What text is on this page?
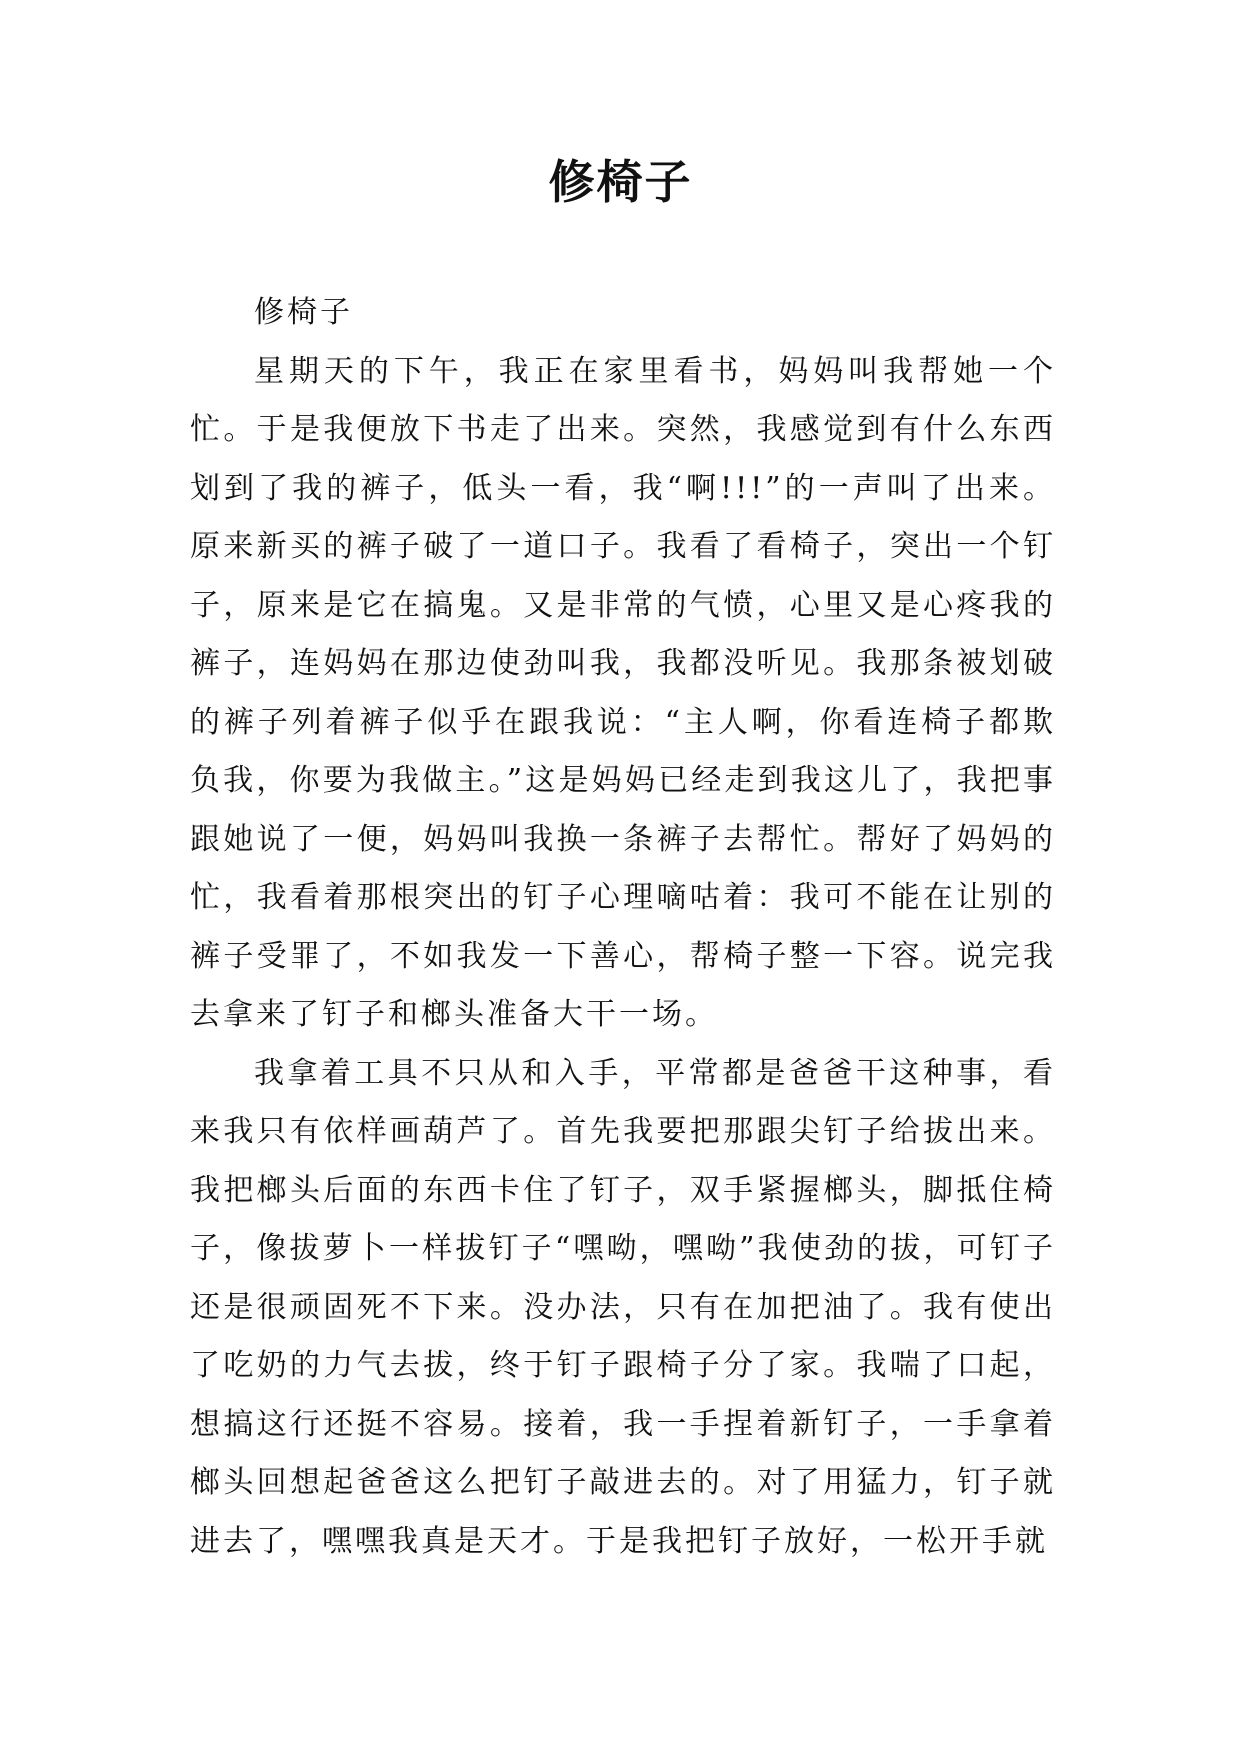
修椅子

修椅子

星期天的下午，我正在家里看书，妈妈叫我帮她一个忙。于是我便放下书走了出来。突然，我感觉到有什么东西划到了我的裤子，低头一看，我“啊!!!”的一声叫了出来。原来新买的裤子破了一道口子。我看了看椅子，突出一个钉子，原来是它在搞鬼。又是非常的气愤，心里又是心疼我的裤子，连妈妈在那边使劲叫我，我都没听见。我那条被划破的裤子列着裤子似乎在跟我说：“主人啊，你看连椅子都欺负我，你要为我做主。”这是妈妈已经走到我这儿了，我把事跟她说了一便，妈妈叫我换一条裤子去帮忙。帮好了妈妈的忙，我看着那根突出的钉子心理嘀咕着：我可不能在让别的裤子受罪了，不如我发一下善心，帮椅子整一下容。说完我去拿来了钉子和榔头准备大干一场。

我拿着工具不只从和入手，平常都是爸爸干这种事，看来我只有依样画葫芦了。首先我要把那跟尖钉子给拔出来。我把榔头后面的东西卡住了钉子，双手紧握榔头，脚抵住椅子，像拔萝卜一样拔钉子“嘿呦，嘿呦”我使劲的拔，可钉子还是很顽固死不下来。没办法，只有在加把油了。我有使出了吃奶的力气去拔，终于钉子跟椅子分了家。我喘了口起，想搞这行还挺不容易。接着，我一手捏着新钉子，一手拿着榔头回想起爸爸这么把钉子敲进去的。对了用猛力，钉子就进去了，嘿嘿我真是天才。于是我把钉子放好，一松开手就
